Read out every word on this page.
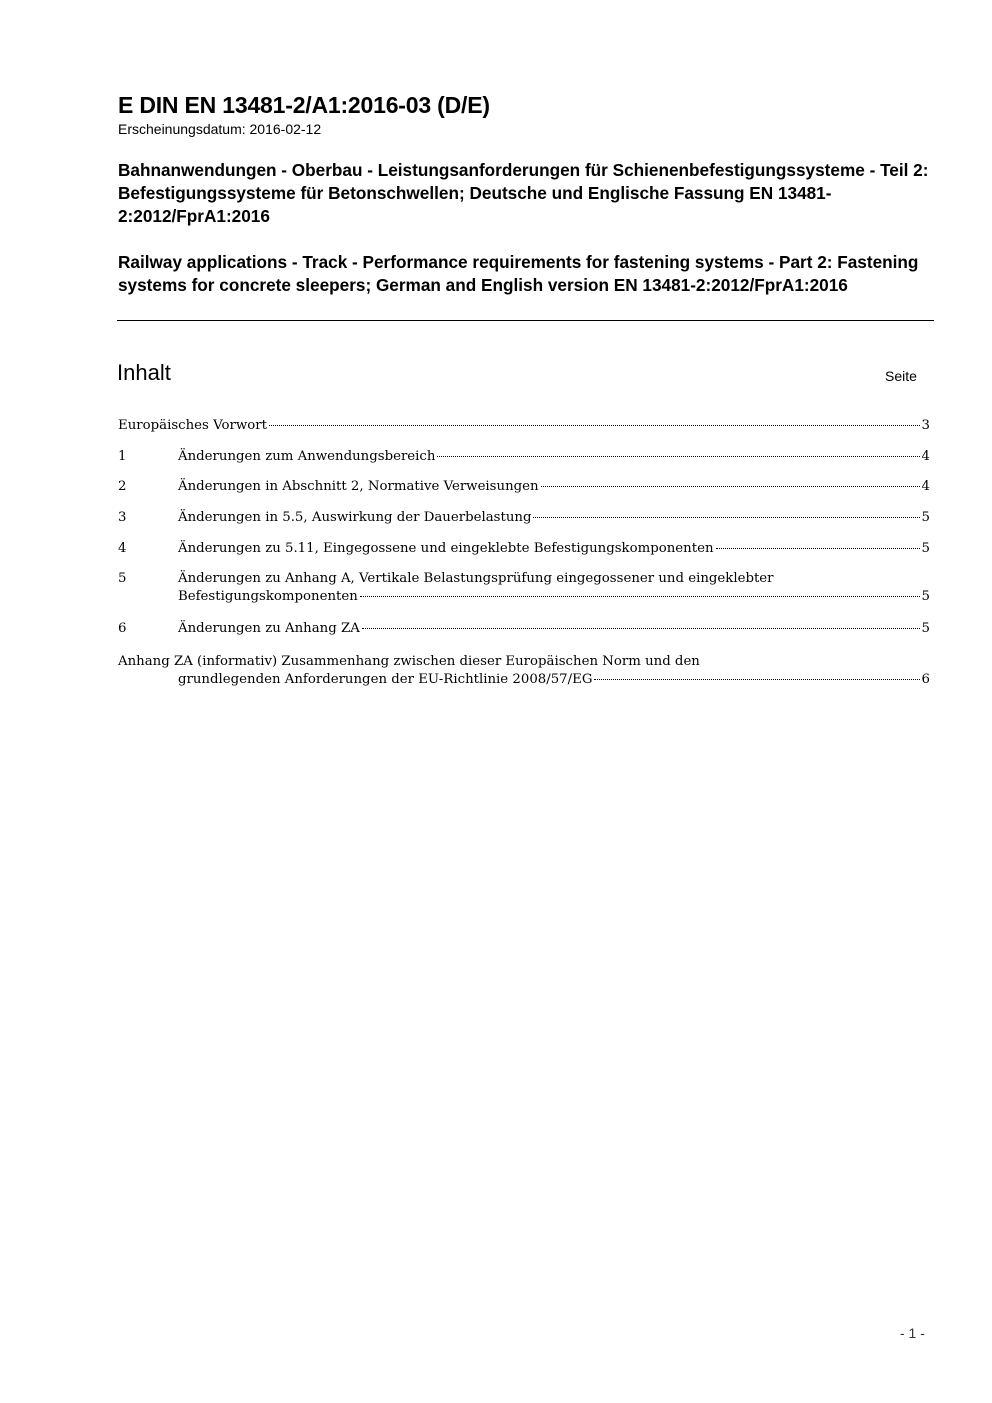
E DIN EN 13481-2/A1:2016-03 (D/E)
Erscheinungsdatum: 2016-02-12

Bahnanwendungen - Oberbau - Leistungsanforderungen für Schienenbefestigungssysteme - Teil 2: Befestigungssysteme für Betonschwellen; Deutsche und Englische Fassung EN 13481-2:2012/FprA1:2016

Railway applications - Track - Performance requirements for fastening systems - Part 2: Fastening systems for concrete sleepers; German and English version EN 13481-2:2012/FprA1:2016

Inhalt	Seite
Europäisches Vorwort	3
1	Änderungen zum Anwendungsbereich	4
2	Änderungen in Abschnitt 2, Normative Verweisungen	4
3	Änderungen in 5.5, Auswirkung der Dauerbelastung	5
4	Änderungen zu 5.11, Eingegossene und eingeklebte Befestigungskomponenten	5
5	Änderungen zu Anhang A, Vertikale Belastungsprüfung eingegossener und eingeklebter
Befestigungskomponenten	5
6	Änderungen zu Anhang ZA	5
Anhang ZA (informativ) Zusammenhang zwischen dieser Europäischen Norm und den
grundlegenden Anforderungen der EU-Richtlinie 2008/57/EG	6
- 1 -
